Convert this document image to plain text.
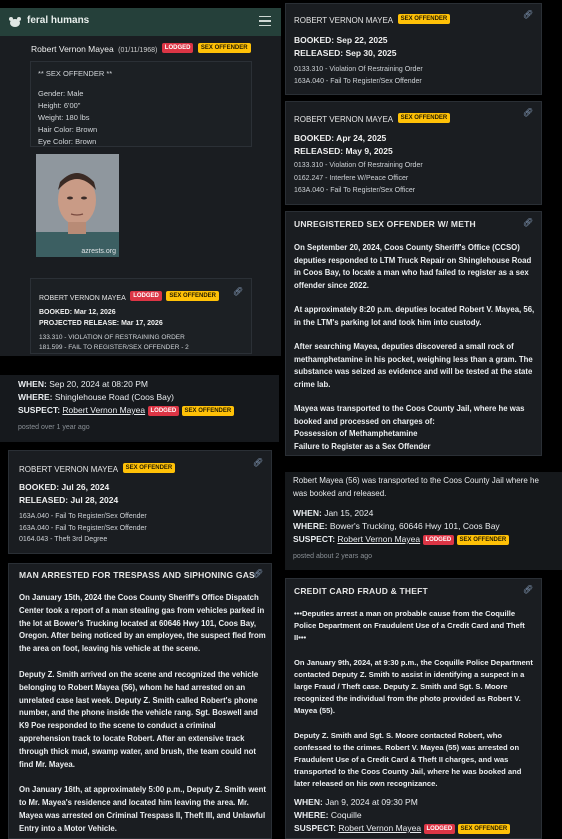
feral humans
Robert Vernon Mayea (01/11/1968) LODGED SEX OFFENDER
** SEX OFFENDER **
Gender: Male
Height: 6'00"
Weight: 180 lbs
Hair Color: Brown
Eye Color: Brown
azrests.org
ROBERT VERNON MAYEA LODGED SEX OFFENDER	🔗︎
BOOKED: Mar 12, 2026
PROJECTED RELEASE: Mar 17, 2026
133.310 - VIOLATION OF RESTRAINING ORDER
181.599 - FAIL TO REGISTER/SEX OFFENDER - 2
WHEN: Sep 20, 2024 at 08:20 PM
WHERE: Shinglehouse Road (Coos Bay)
SUSPECT: Robert Vernon Mayea LODGED SEX OFFENDER
posted over 1 year ago
ROBERT VERNON MAYEA SEX OFFENDER
🔗︎
BOOKED: Jul 26, 2024
RELEASED: Jul 28, 2024
163A.040 - Fail To Register/Sex Offender
163A.040 - Fail To Register/Sex Offender
0164.043 - Theft 3rd Degree
MAN ARRESTED FOR TRESPASS AND SIPHONING GAS
🔗︎
On January 15th, 2024 the Coos County Sheriff's Office Dispatch Center took a report of a man stealing gas from vehicles parked in the lot at Bower's Trucking located at 60646 Hwy 101, Coos Bay, Oregon. After being noticed by an employee, the suspect fled from the area on foot, leaving his vehicle at the scene.
Deputy Z. Smith arrived on the scene and recognized the vehicle belonging to Robert Mayea (56), whom he had arrested on an unrelated case last week. Deputy Z. Smith called Robert's phone number, and the phone inside the vehicle rang. Sgt. Boswell and K9 Poe responded to the scene to conduct a criminal apprehension track to locate Robert. After an extensive track through thick mud, swamp water, and brush, the team could not find Mr. Mayea.
On January 16th, at approximately 5:00 p.m., Deputy Z. Smith went to Mr. Mayea's residence and located him leaving the area. Mr. Mayea was arrested on Criminal Trespass II, Theft III, and Unlawful Entry into a Motor Vehicle.
ROBERT VERNON MAYEA SEX OFFENDER	🔗︎
BOOKED: Sep 22, 2025
RELEASED: Sep 30, 2025
0133.310 - Violation Of Restraining Order
163A.040 - Fail To Register/Sex Offender
ROBERT VERNON MAYEA SEX OFFENDER
🔗︎
BOOKED: Apr 24, 2025
RELEASED: May 9, 2025
0133.310 - Violation Of Restraining Order
0162.247 - Interfere W/Peace Officer
163A.040 - Fail To Register/Sex Officer
UNREGISTERED SEX OFFENDER W/ METH	🔗︎
On September 20, 2024, Coos County Sheriff's Office (CCSO) deputies responded to LTM Truck Repair on Shinglehouse Road in Coos Bay, to locate a man who had failed to register as a sex offender since 2022.
At approximately 8:20 p.m. deputies located Robert V. Mayea, 56, in the LTM's parking lot and took him into custody.
After searching Mayea, deputies discovered a small rock of methamphetamine in his pocket, weighing less than a gram. The substance was seized as evidence and will be tested at the state crime lab.
Mayea was transported to the Coos County Jail, where he was booked and processed on charges of:
Possession of Methamphetamine
Failure to Register as a Sex Offender
Robert Mayea (56) was transported to the Coos County Jail where he was booked and released.
WHEN: Jan 15, 2024
WHERE: Bower's Trucking, 60646 Hwy 101, Coos Bay
SUSPECT: Robert Vernon Mayea LODGED SEX OFFENDER
posted about 2 years ago
CREDIT CARD FRAUD & THEFT	🔗︎
•••Deputies arrest a man on probable cause from the Coquille Police Department on Fraudulent Use of a Credit Card and Theft II•••
On January 9th, 2024, at 9:30 p.m., the Coquille Police Department contacted Deputy Z. Smith to assist in identifying a suspect in a large Fraud / Theft case. Deputy Z. Smith and Sgt. S. Moore recognized the individual from the photo provided as Robert V. Mayea (55).
Deputy Z. Smith and Sgt. S. Moore contacted Robert, who confessed to the crimes. Robert V. Mayea (55) was arrested on Fraudulent Use of a Credit Card & Theft II charges, and was transported to the Coos County Jail, where he was booked and later released on his own recognizance.
WHEN: Jan 9, 2024 at 09:30 PM
WHERE: Coquille
SUSPECT: Robert Vernon Mayea LODGED SEX OFFENDER
